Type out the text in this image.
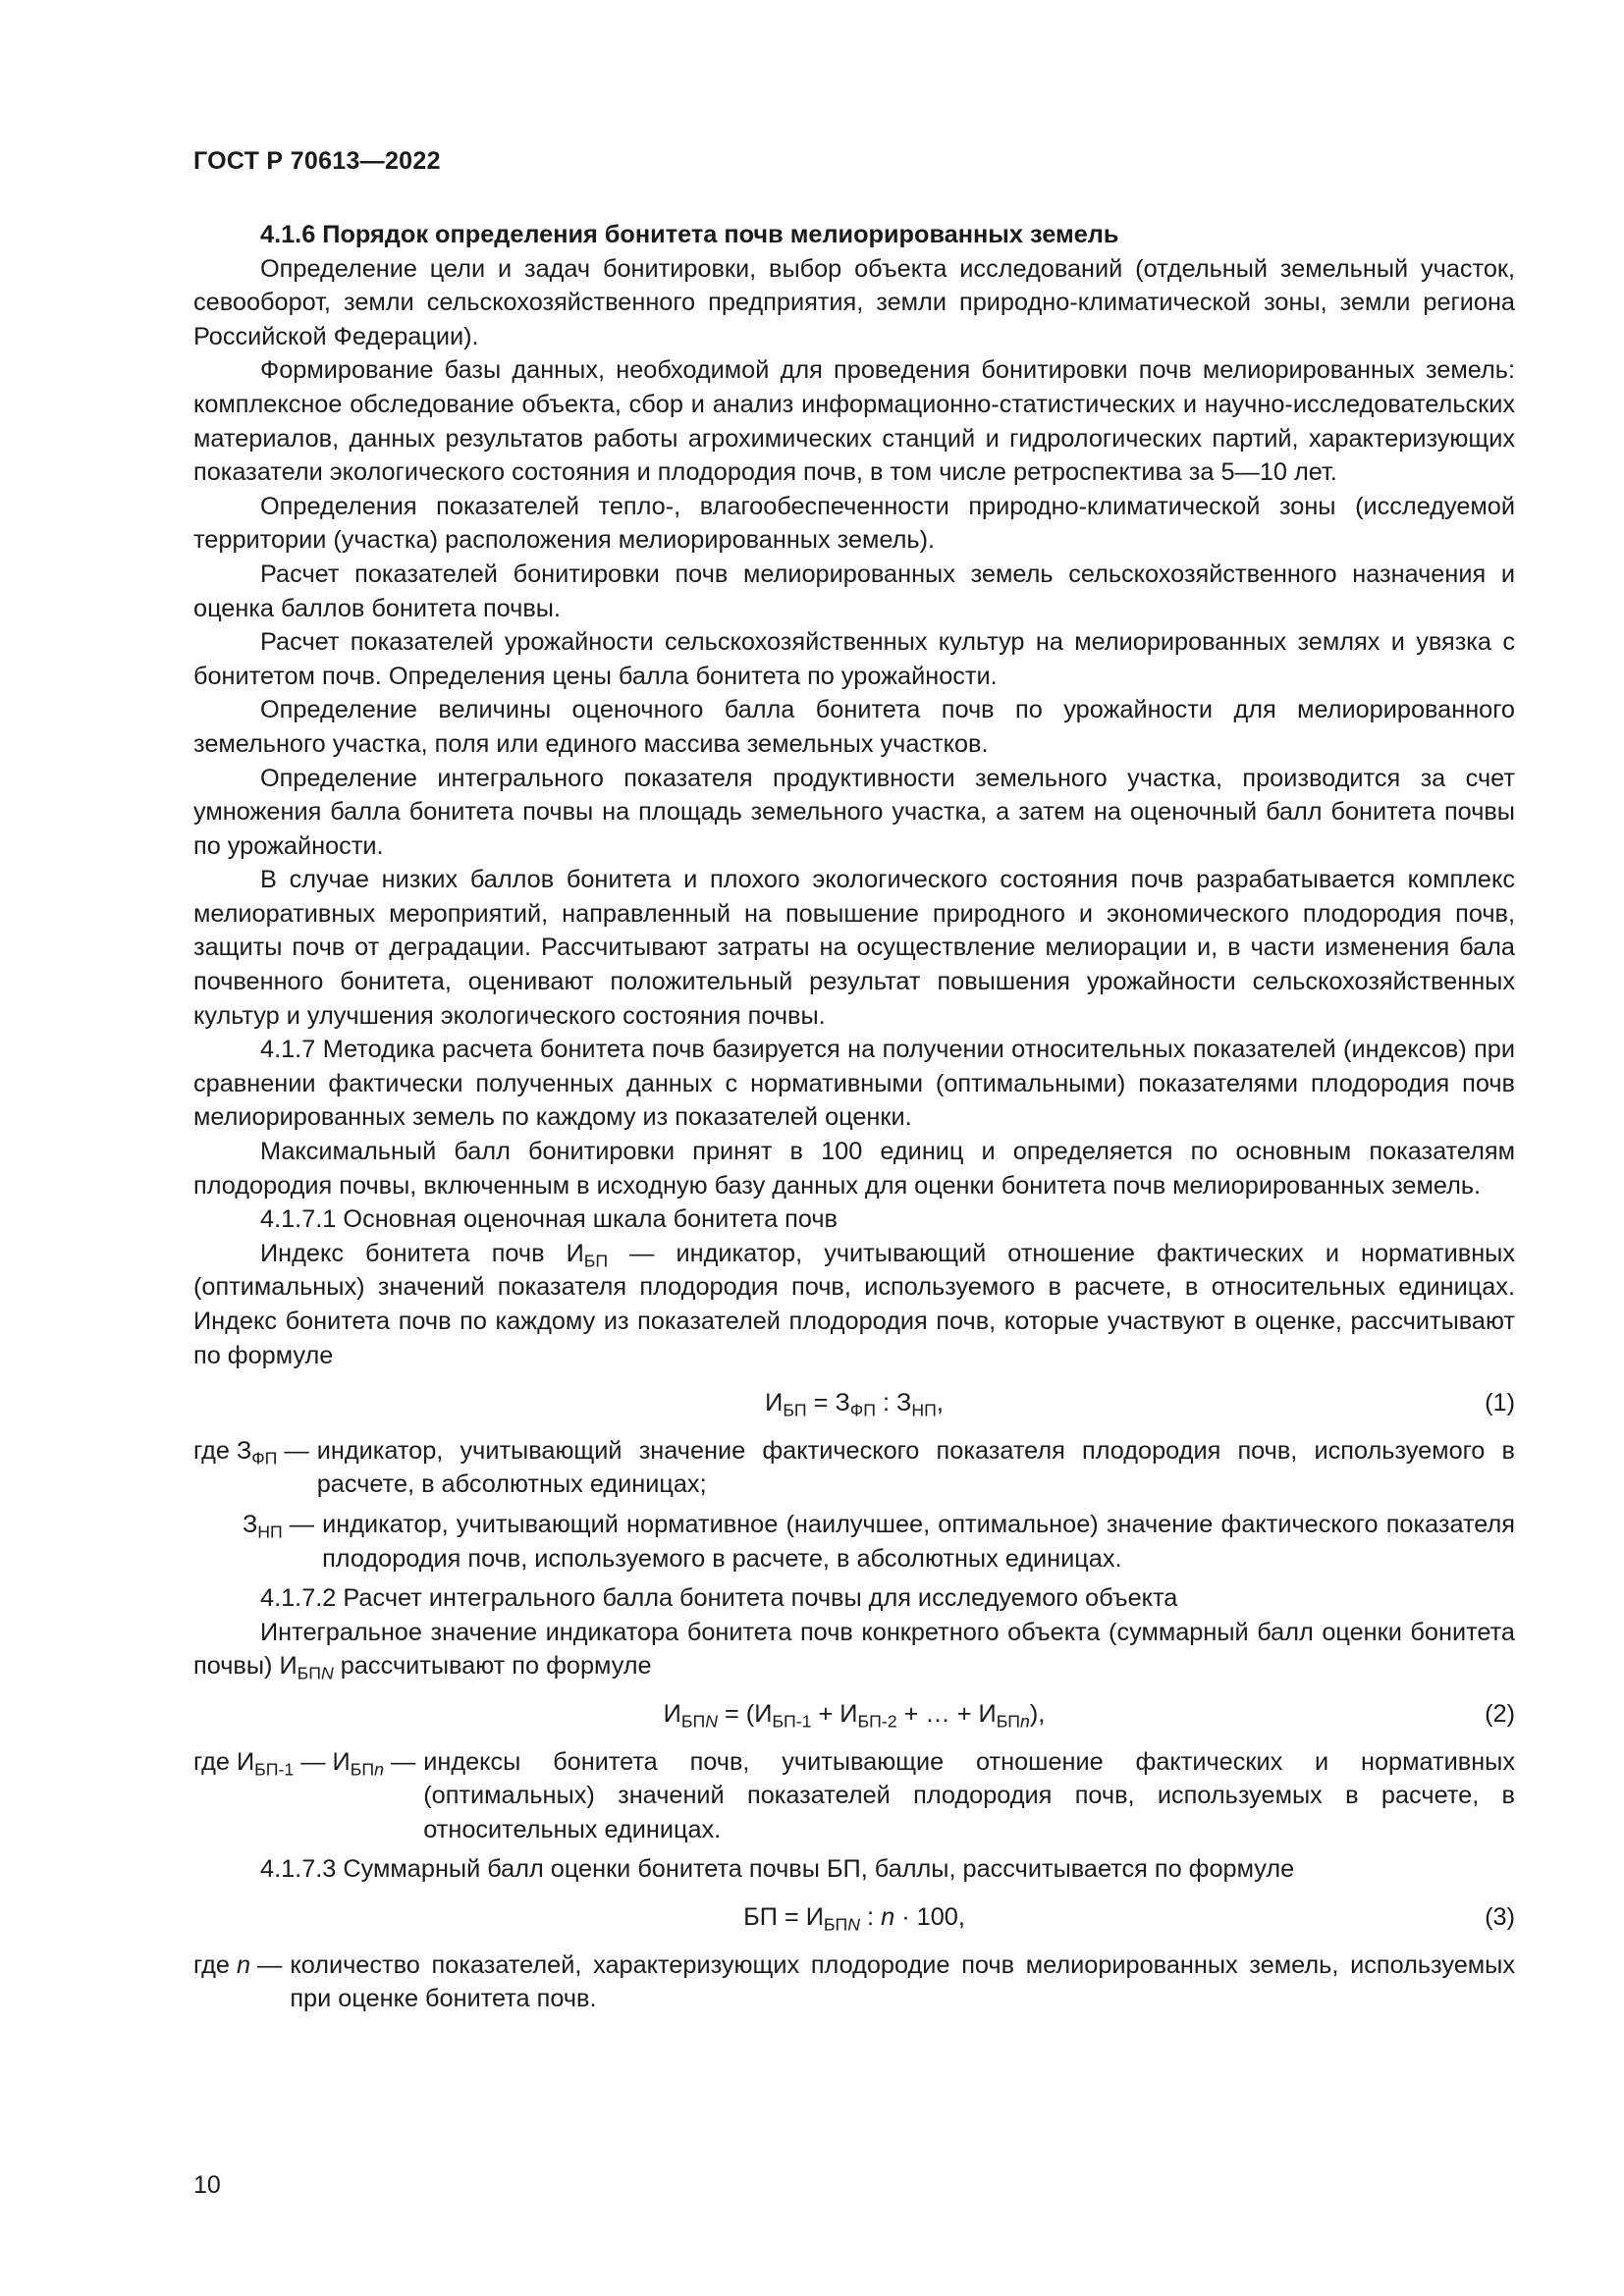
ГОСТ Р 70613—2022

4.1.6 Порядок определения бонитета почв мелиорированных земель

Определение цели и задач бонитировки, выбор объекта исследований (отдельный земельный участок, севооборот, земли сельскохозяйственного предприятия, земли природно-климатической зоны, земли региона Российской Федерации).

Формирование базы данных, необходимой для проведения бонитировки почв мелиорированных земель: комплексное обследование объекта, сбор и анализ информационно-статистических и научно-исследовательских материалов, данных результатов работы агрохимических станций и гидрологических партий, характеризующих показатели экологического состояния и плодородия почв, в том числе ретроспектива за 5—10 лет.

Определения показателей тепло-, влагообеспеченности природно-климатической зоны (исследуемой территории (участка) расположения мелиорированных земель).

Расчет показателей бонитировки почв мелиорированных земель сельскохозяйственного назначения и оценка баллов бонитета почвы.

Расчет показателей урожайности сельскохозяйственных культур на мелиорированных землях и увязка с бонитетом почв. Определения цены балла бонитета по урожайности.

Определение величины оценочного балла бонитета почв по урожайности для мелиорированного земельного участка, поля или единого массива земельных участков.

Определение интегрального показателя продуктивности земельного участка, производится за счет умножения балла бонитета почвы на площадь земельного участка, а затем на оценочный балл бонитета почвы по урожайности.

В случае низких баллов бонитета и плохого экологического состояния почв разрабатывается комплекс мелиоративных мероприятий, направленный на повышение природного и экономического плодородия почв, защиты почв от деградации. Рассчитывают затраты на осуществление мелиорации и, в части изменения бала почвенного бонитета, оценивают положительный результат повышения урожайности сельскохозяйственных культур и улучшения экологического состояния почвы.

4.1.7 Методика расчета бонитета почв базируется на получении относительных показателей (индексов) при сравнении фактически полученных данных с нормативными (оптимальными) показателями плодородия почв мелиорированных земель по каждому из показателей оценки.

Максимальный балл бонитировки принят в 100 единиц и определяется по основным показателям плодородия почвы, включенным в исходную базу данных для оценки бонитета почв мелиорированных земель.

4.1.7.1 Основная оценочная шкала бонитета почв

Индекс бонитета почв $И_{БП}$ — индикатор, учитывающий отношение фактических и нормативных (оптимальных) значений показателя плодородия почв, используемого в расчете, в относительных единицах. Индекс бонитета почв по каждому из показателей плодородия почв, которые участвуют в оценке, рассчитывают по формуле

$И_{БП} = З_{ФП}$ : $З_{НП}$,	(1)
где $З_{ФП}$ — индикатор, учитывающий значение фактического показателя плодородия почв, используемого в расчете, в абсолютных единицах;
$З_{НП}$ — индикатор, учитывающий нормативное (наилучшее, оптимальное) значение фактического показателя плодородия почв, используемого в расчете, в абсолютных единицах.

4.1.7.2 Расчет интегрального балла бонитета почвы для исследуемого объекта

Интегральное значение индикатора бонитета почв конкретного объекта (суммарный балл оценки бонитета почвы) $И_{БПN}$ рассчитывают по формуле

$И_{БПN} = (И_{БП-1} + И_{БП-2}$ + … + $И_{БПn}$),	(2)
где $И_{БП-1}$ — $И_{БПn}$ — индексы бонитета почв, учитывающие отношение фактических и нормативных (оптимальных) значений показателей плодородия почв, используемых в расчете, в относительных единицах.

4.1.7.3 Суммарный балл оценки бонитета почвы БП, баллы, рассчитывается по формуле

БП = $И_{БПN}$ : n · 100,	(3)
где n — количество показателей, характеризующих плодородие почв мелиорированных земель, используемых при оценке бонитета почв.
10
